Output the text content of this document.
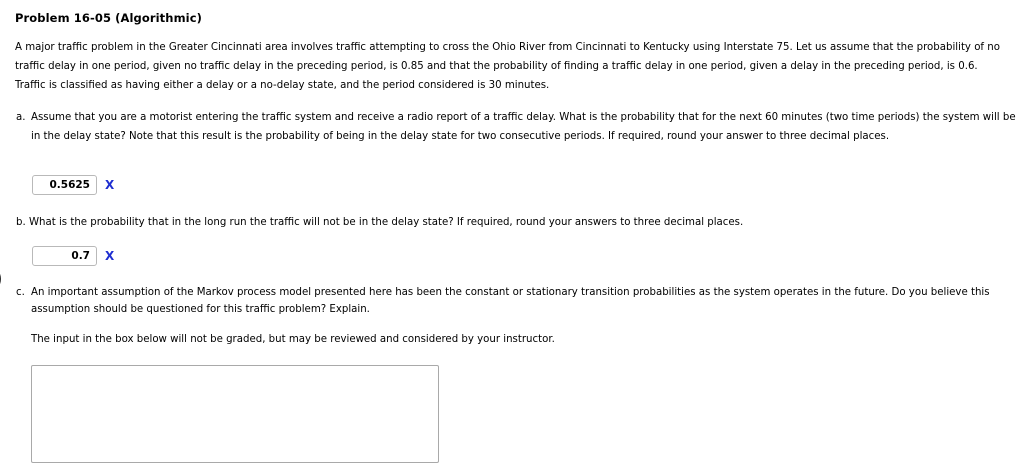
Problem 16-05 (Algorithmic)
A major traffic problem in the Greater Cincinnati area involves traffic attempting to cross the Ohio River from Cincinnati to Kentucky using Interstate 75. Let us assume that the probability of no traffic delay in one period, given no traffic delay in the preceding period, is 0.85 and that the probability of finding a traffic delay in one period, given a delay in the preceding period, is 0.6. Traffic is classified as having either a delay or a no-delay state, and the period considered is 30 minutes.
a. Assume that you are a motorist entering the traffic system and receive a radio report of a traffic delay. What is the probability that for the next 60 minutes (two time periods) the system will be in the delay state? Note that this result is the probability of being in the delay state for two consecutive periods. If required, round your answer to three decimal places.
0.5625	X
b. What is the probability that in the long run the traffic will not be in the delay state? If required, round your answers to three decimal places.
0.7	X
c. An important assumption of the Markov process model presented here has been the constant or stationary transition probabilities as the system operates in the future. Do you believe this assumption should be questioned for this traffic problem? Explain.
The input in the box below will not be graded, but may be reviewed and considered by your instructor.
